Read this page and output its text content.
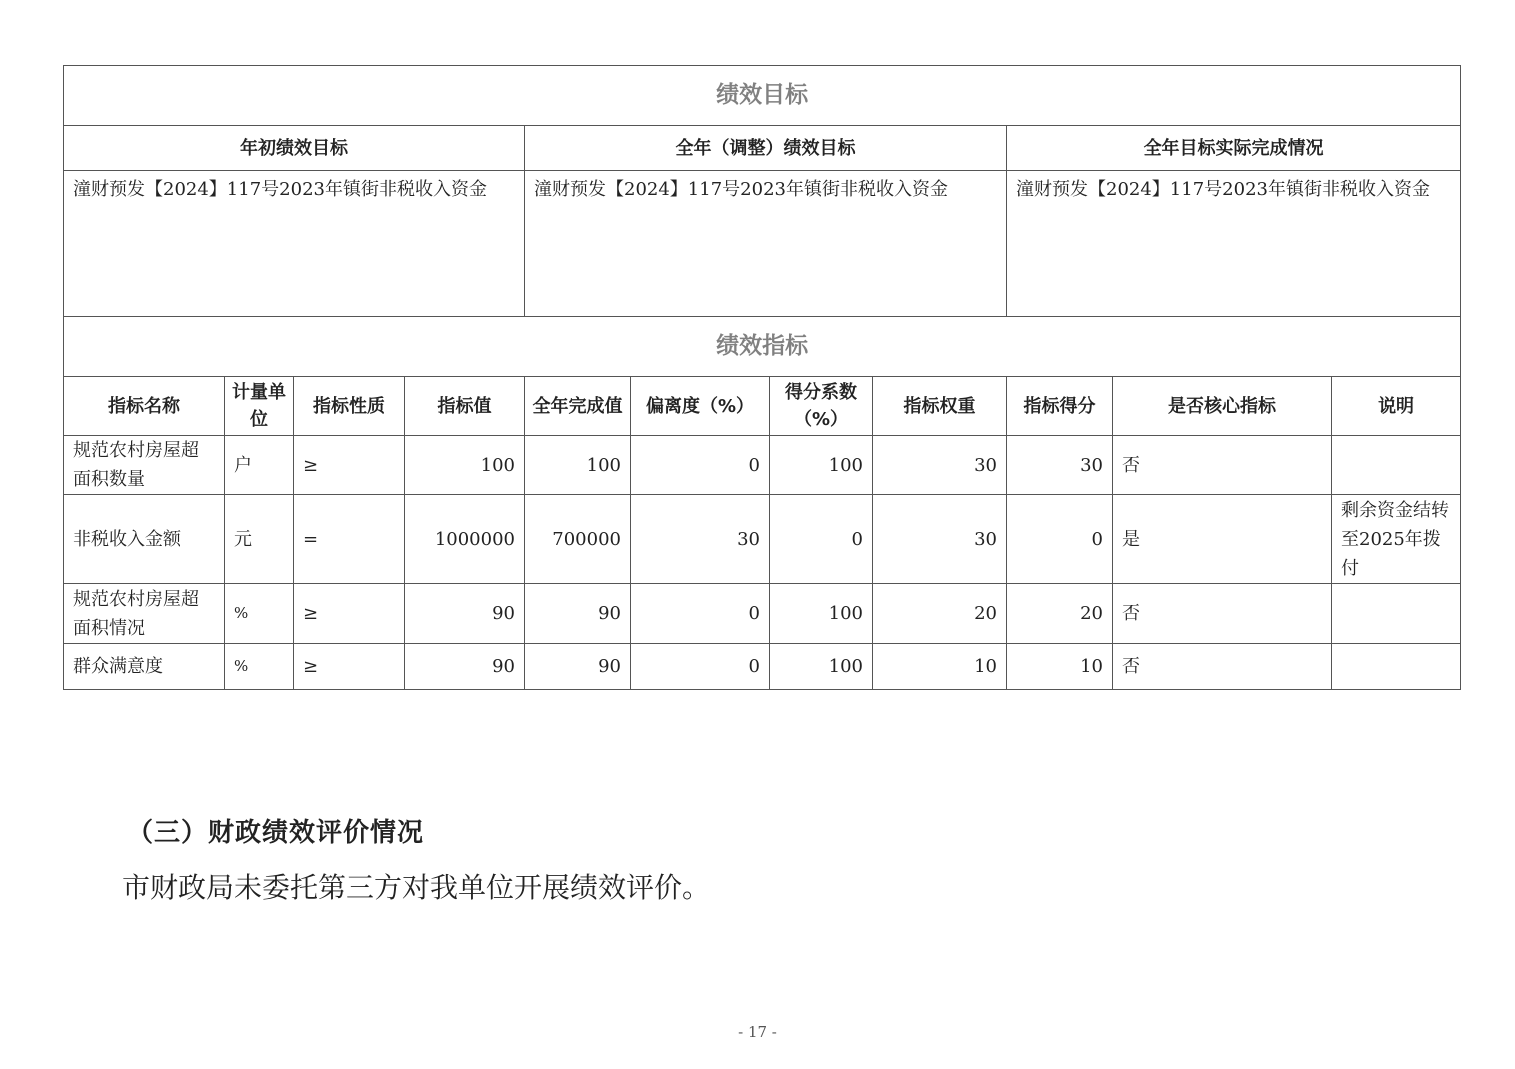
绩效目标										
年初绩效目标				全年（调整）绩效目标				全年目标实际完成情况		
潼财预发【2024】117号2023年镇街非税收入资金				潼财预发【2024】117号2023年镇街非税收入资金				潼财预发【2024】117号2023年镇街非税收入资金		
绩效指标										
指标名称	计量单位	指标性质	指标值	全年完成值	偏离度（%）	得分系数（%）	指标权重	指标得分	是否核心指标	说明
规范农村房屋超面积数量	户	≥	100	100	0	100	30	30	否	
非税收入金额	元	=	1000000	700000	30	0	30	0	是	剩余资金结转至2025年拨付
规范农村房屋超面积情况	%	≥	90	90	0	100	20	20	否	
群众满意度	%	≥	90	90	0	100	10	10	否	
（三）财政绩效评价情况
市财政局未委托第三方对我单位开展绩效评价。
- 17 -
